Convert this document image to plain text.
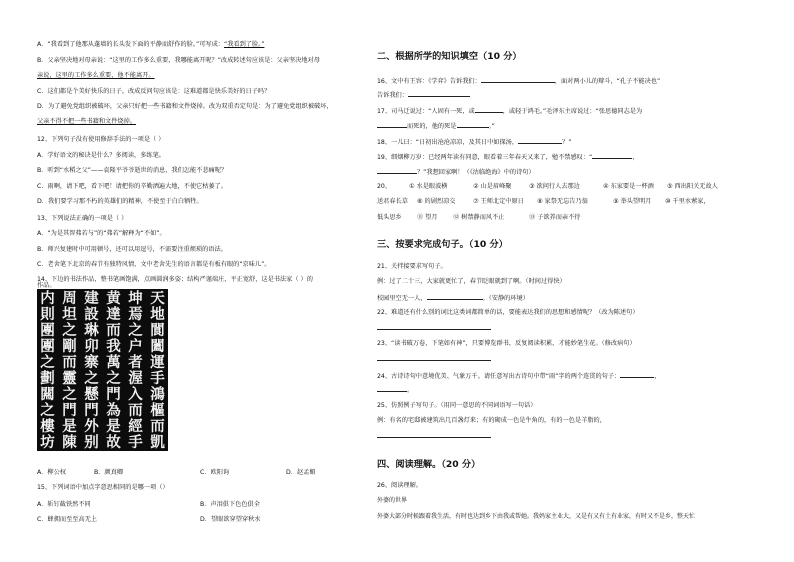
A．“我看到了他那从蓬墙的长头发下面的平静而舒作的脸。”可写成：“我看到了脸。”
B．父亲坚决地对母亲说：“这里的工作多么重要，我哪能离开呢？”改成转述句应该是：父亲坚决地对母
亲说，这里的工作多么重要，他不能离开。
C．这们都是个美好快乐的日子。改成反问句应该是：这难道都是快乐美好的日子吗？
D．为了避免党组织被破坏，父亲只好把一些书籍和文件烧掉。改为双重否定句是：为了避免党组织被破坏，
父亲不得不把一些书籍和文件烧掉。
12、下列句子没有使用修辞手法的一项是（ ）
A．学好语文的秘诀是什么？多阅读，多练笔。
B．听到“水稻之父”——袁隆平爷爷逝世的消息，我们怎能不悲痛呢？
C．雨啊，请下吧，看下吧！请把你的辛勤洒遍大地，不使它枯萎了。
D．我们要学习那不朽的英雄们的精神，不使至于白白牺牲。
13、下列说法正确的一项是（ ）
A．“为是其智弗若与”的“弗若”解释为“不如”。
B．师兴复建时中可用顿号，还可以用逗号，不需要注重烦琐的语法。
C．老舍笔下北京的春节有独特风情，文中老舍先生的语言都是有板有眼的“京味儿”。
14、下边的书法作品，整书笔画饱满，点画圆润多姿；结构严谨端庄，平正宽舒，这是书法家（ ）的
作品。
A．柳公权
15、下列词语中加点字意思相同的是哪一项（）
A．斩钉截铁然不同
C．蜂拥而至至高无上
B．颜真卿	C．欧阳询	D．赵孟頫
B．声泪俱下色色俱全
D．望眼欲穿望穿秋水
内
則
團
團
之
劃
闗
之
樓
坊
周
坦
之
剛
而
靈
之
門
是
陳
建
設
琳
卯
寨
之
懸
門
外
别
黄
達
而
我
萬
之
門
為
是
故
坤
焉
之
户
者
渥
入
而
經
手
天
地
閬
闔
運
手
鴻
樞
而
凱
二、根据所学的知识填空（10 分）
16、文中有王容：《学弈》告诉我们：	，面对两小儿的辩斗，“孔子不能决也”
告诉我们：
17、司马迁说过：“人固有一死，或	，或轻于鸿毛。”毛泽东主席说过：“张思德同志是为
而死的，他的死是	。”
18、一儿曰：“日初出沧沧凉凉，及其日中如探汤，	？”
19、细烟柳万岁：已经两年读有同意，眼看着三年春天又来了，勉不禁感叹：“	，
？”我想回家啊！（《沽临绝海》中的诗句）
20、	① 水是眼波横	② 山是眉峰聚	③ 欲问行人去那边	④ 东家要是一杯酒 ⑤ 西出阳关无故人
送君春长草 ⑥ 的剧烈凉交	⑦ 王师北定中原日 ⑧ 家祭无忘告乃翁	⑨ 举头望明月 ⑩ 千里水萦家，
低头思乡 ⑪ 望月 ⑫ 树禁静而风不止	⑬ 子欲养而亲不待
三、按要求完成句子。（10 分）
21、关拌接要求写句子。
例：过了二十三，大家就更忙了，春节眨眼就到了啊。（时间过得快）
校园里空无一人，	。（安静的环境）
22、难道还有什么别的词比这类词都简单的话，要能表达我们的思想和感情呢？（改为陈述句）
23、“读书破万卷，下笔如有神”，只要博览群书，反复阅读积累，才能妙笔生花。（修改病句）
24、古诗诗句中意境优美、气象万千。请任意写出古诗句中带“雨”字的两个连贯的句子：	，
。
25、仿照例子写句子。（用同一意思的不同词语写一句话）
例：有名的宅邸被建筑出几百盏灯来；有的砌成一色是牛角的，有的一色是羊脂的，
四、阅读理解。（20 分）
26、阅读理解。
外婆的世界
外婆大部分时候跟着我生活，有时也达到乡下由我或帮她。我妈家主业大，又是有又有土有业家，有时又不是乡，整天忙
